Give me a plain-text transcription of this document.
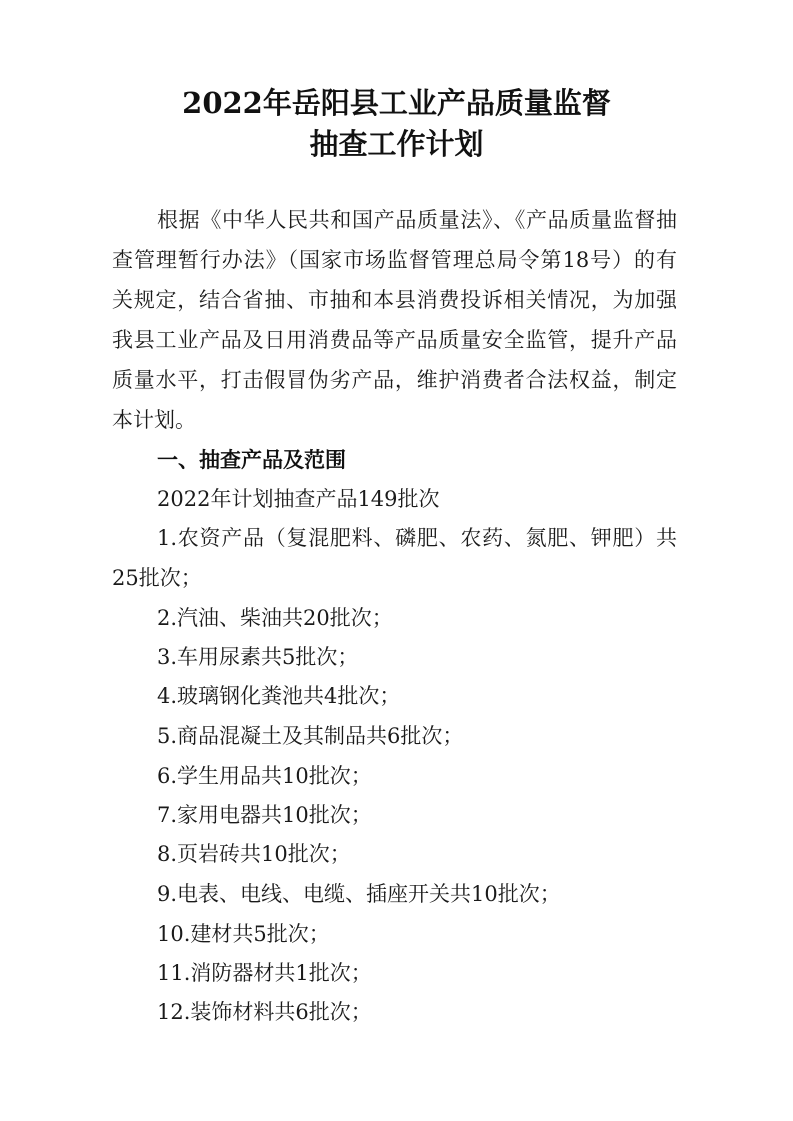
2022年岳阳县工业产品质量监督
抽查工作计划
根据《中华人民共和国产品质量法》、《产品质量监督抽
查管理暂行办法》（国家市场监督管理总局令第18号）的有
关规定，结合省抽、市抽和本县消费投诉相关情况，为加强
我县工业产品及日用消费品等产品质量安全监管，提升产品
质量水平，打击假冒伪劣产品，维护消费者合法权益，制定
本计划。
一、抽查产品及范围
2022年计划抽查产品149批次
1.农资产品（复混肥料、磷肥、农药、氮肥、钾肥）共
25批次；
2.汽油、柴油共20批次；
3.车用尿素共5批次；
4.玻璃钢化粪池共4批次；
5.商品混凝土及其制品共6批次；
6.学生用品共10批次；
7.家用电器共10批次；
8.页岩砖共10批次；
9.电表、电线、电缆、插座开关共10批次；
10.建材共5批次；
11.消防器材共1批次；
12.装饰材料共6批次；
